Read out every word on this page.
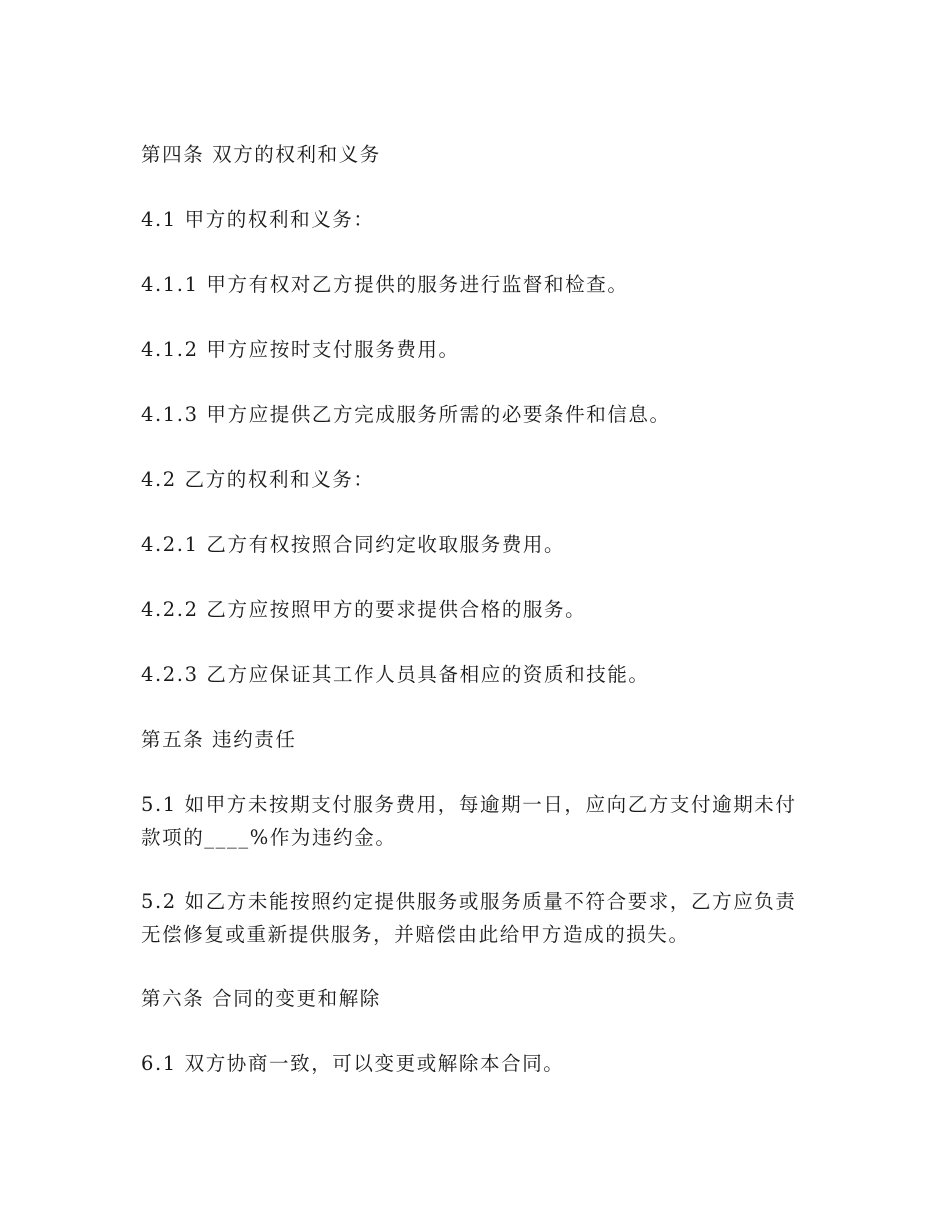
第四条 双方的权利和义务

4.1 甲方的权利和义务：

4.1.1 甲方有权对乙方提供的服务进行监督和检查。

4.1.2 甲方应按时支付服务费用。

4.1.3 甲方应提供乙方完成服务所需的必要条件和信息。

4.2 乙方的权利和义务：

4.2.1 乙方有权按照合同约定收取服务费用。

4.2.2 乙方应按照甲方的要求提供合格的服务。

4.2.3 乙方应保证其工作人员具备相应的资质和技能。

第五条 违约责任

5.1 如甲方未按期支付服务费用，每逾期一日，应向乙方支付逾期未付款项的____%作为违约金。

5.2 如乙方未能按照约定提供服务或服务质量不符合要求，乙方应负责无偿修复或重新提供服务，并赔偿由此给甲方造成的损失。

第六条 合同的变更和解除

6.1 双方协商一致，可以变更或解除本合同。
